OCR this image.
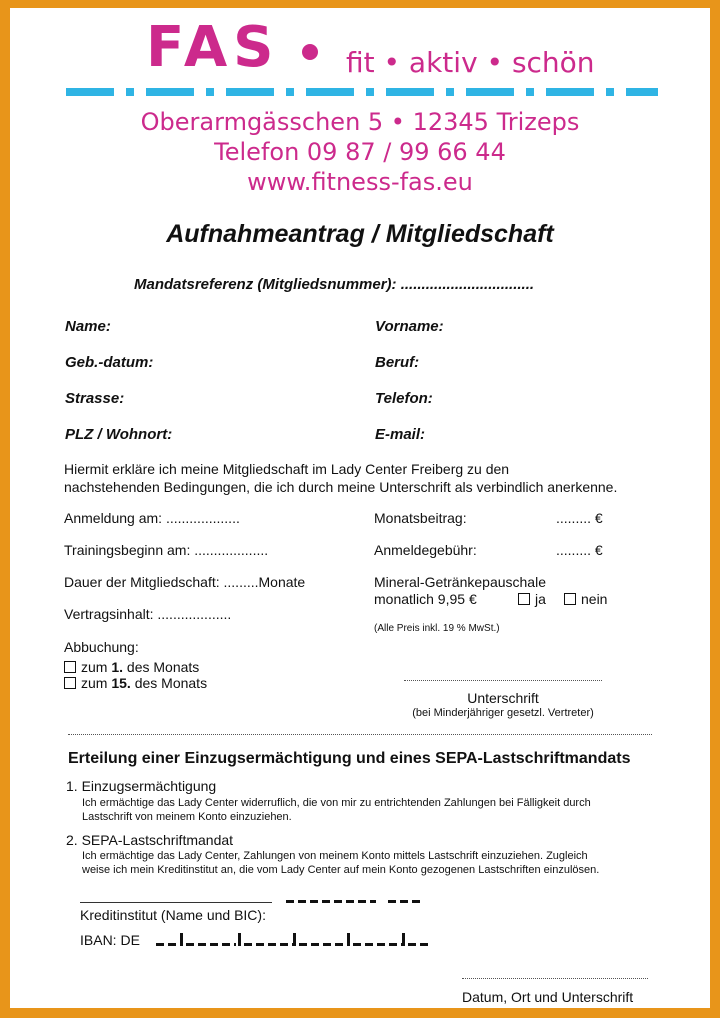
FAS fit • aktiv • schön
Oberarmgässchen 5 • 12345 Trizeps
Telefon 09 87 / 99 66 44
www.fitness-fas.eu
Aufnahmeantrag / Mitgliedschaft
Mandatsreferenz (Mitgliedsnummer): ................................
Name:	Vorname:
Geb.-datum:	Beruf:
Strasse:	Telefon:
PLZ / Wohnort:	E-mail:
Hiermit erkläre ich meine Mitgliedschaft im Lady Center Freiberg zu den
nachstehenden Bedingungen, die ich durch meine Unterschrift als verbindlich anerkenne.
Anmeldung am: ...................
Trainingsbeginn am: ...................
Dauer der Mitgliedschaft: .........Monate
Vertragsinhalt: ...................
Monatsbeitrag:	......... €
Anmeldegebühr:	......... €
Mineral-Getränkepauschale
monatlich 9,95 €	ja	nein
(Alle Preis inkl. 19 % MwSt.)
Abbuchung:
zum 1. des Monats
zum 15. des Monats
Unterschrift
(bei Minderjähriger gesetzl. Vertreter)
Erteilung einer Einzugsermächtigung und eines SEPA-Lastschriftmandats
1. Einzugsermächtigung
Ich ermächtige das Lady Center widerruflich, die von mir zu entrichtenden Zahlungen bei Fälligkeit durch
Lastschrift von meinem Konto einzuziehen.
2. SEPA-Lastschriftmandat
Ich ermächtige das Lady Center, Zahlungen von meinem Konto mittels Lastschrift einzuziehen. Zugleich
weise ich mein Kreditinstitut an, die vom Lady Center auf mein Konto gezogenen Lastschriften einzulösen.
Kreditinstitut (Name und BIC):
IBAN: DE
Datum, Ort und Unterschrift
